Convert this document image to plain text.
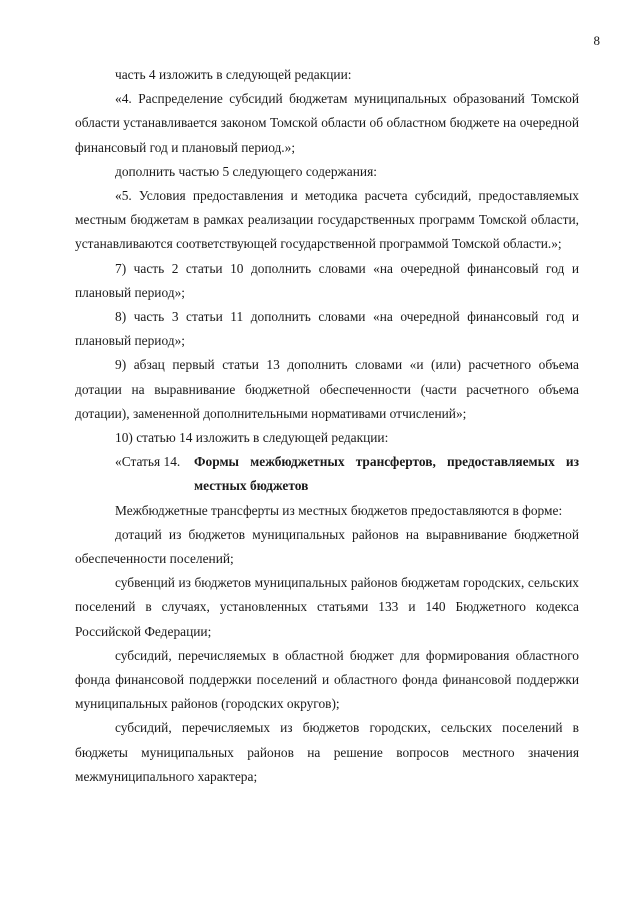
8

часть 4 изложить в следующей редакции:

«4. Распределение субсидий бюджетам муниципальных образований Томской области устанавливается законом Томской области об областном бюджете на очередной финансовый год и плановый период.»;

дополнить частью 5 следующего содержания:

«5. Условия предоставления и методика расчета субсидий, предоставляемых местным бюджетам в рамках реализации государственных программ Томской области, устанавливаются соответствующей государственной программой Томской области.»;

7) часть 2 статьи 10 дополнить словами «на очередной финансовый год и плановый период»;

8) часть 3 статьи 11 дополнить словами «на очередной финансовый год и плановый период»;

9) абзац первый статьи 13 дополнить словами «и (или) расчетного объема дотации на выравнивание бюджетной обеспеченности (части расчетного объема дотации), замененной дополнительными нормативами отчислений»;

10) статью 14 изложить в следующей редакции:

«Статья 14. Формы межбюджетных трансфертов, предоставляемых из местных бюджетов

Межбюджетные трансферты из местных бюджетов предоставляются в форме:

дотаций из бюджетов муниципальных районов на выравнивание бюджетной обеспеченности поселений;

субвенций из бюджетов муниципальных районов бюджетам городских, сельских поселений в случаях, установленных статьями 133 и 140 Бюджетного кодекса Российской Федерации;

субсидий, перечисляемых в областной бюджет для формирования областного фонда финансовой поддержки поселений и областного фонда финансовой поддержки муниципальных районов (городских округов);

субсидий, перечисляемых из бюджетов городских, сельских поселений в бюджеты муниципальных районов на решение вопросов местного значения межмуниципального характера;
